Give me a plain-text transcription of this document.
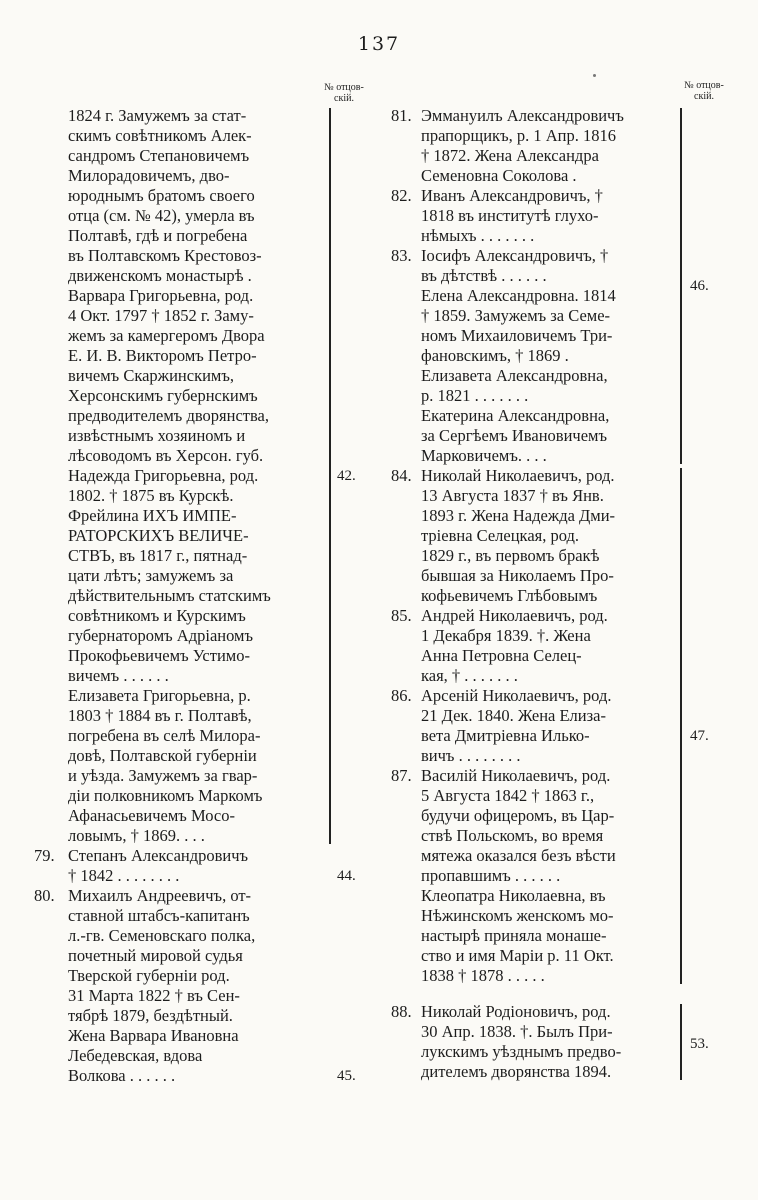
137
№ отцов-
скій.
№ отцов-
скій.
1824 г. Замужемъ за стат-
скимъ совѣтникомъ Алек-
сандромъ Степановичемъ
Милорадовичемъ, дво-
юроднымъ братомъ своего
отца (см. № 42), умерла въ
Полтавѣ, гдѣ и погребена
въ Полтавскомъ Крестовоз-
движенскомъ монастырѣ .
Варвара Григорьевна, род.
4 Окт. 1797 † 1852 г. Заму-
жемъ за камергеромъ Двора
Е. И. В. Викторомъ Петро-
вичемъ Скаржинскимъ,
Херсонскимъ губернскимъ
предводителемъ дворянства,
извѣстнымъ хозяиномъ и
лѣсоводомъ въ Херсон. губ.
Надежда Григорьевна, род.
1802. † 1875 въ Курскѣ.
Фрейлина ИХЪ ИМПЕ-
РАТОРСКИХЪ ВЕЛИЧЕ-
СТВЪ, въ 1817 г., пятнад-
цати лѣтъ; замужемъ за
дѣйствительнымъ статскимъ
совѣтникомъ и Курскимъ
губернаторомъ Адріаномъ
Прокофьевичемъ Устимо-
вичемъ . . . . . .
Елизавета Григорьевна, р.
1803 † 1884 въ г. Полтавѣ,
погребена въ селѣ Милора-
довѣ, Полтавской губерніи
и уѣзда. Замужемъ за гвар-
діи полковникомъ Маркомъ
Афанасьевичемъ Мосо-
ловымъ, † 1869. . . .
Степанъ Александровичъ
† 1842 . . . . . . . .
Михаилъ Андреевичъ, от-
ставной штабсъ-капитанъ
л.-гв. Семеновскаго полка,
почетный мировой судья
Тверской губерніи род.
31 Марта 1822 † въ Сен-
тябрѣ 1879, бездѣтный.
Жена Варвара Ивановна
Лебедевская, вдова
Волкова . . . . . .
79.
80.
42.
44.
45.
Эммануилъ Александровичъ
прапорщикъ, р. 1 Апр. 1816
† 1872. Жена Александра
Семеновна Соколова .
Иванъ Александровичъ, †
1818 въ институтѣ глухо-
нѣмыхъ . . . . . . .
Іосифъ Александровичъ, †
въ дѣтствѣ . . . . . .
Елена Александровна. 1814
† 1859. Замужемъ за Семе-
номъ Михаиловичемъ Три-
фановскимъ, † 1869 .
Елизавета Александровна,
р. 1821 . . . . . . .
Екатерина Александровна,
за Сергѣемъ Ивановичемъ
Марковичемъ. . . .
Николай Николаевичъ, род.
13 Августа 1837 † въ Янв.
1893 г. Жена Надежда Дми-
тріевна Селецкая, род.
1829 г., въ первомъ бракѣ
бывшая за Николаемъ Про-
кофьевичемъ Глѣбовымъ
Андрей Николаевичъ, род.
1 Декабря 1839. †. Жена
Анна Петровна Селец-
кая, † . . . . . . .
Арсеній Николаевичъ, род.
21 Дек. 1840. Жена Елиза-
вета Дмитріевна Илько-
вичъ . . . . . . . .
Василій Николаевичъ, род.
5 Августа 1842 † 1863 г.,
будучи офицеромъ, въ Цар-
ствѣ Польскомъ, во время
мятежа оказался безъ вѣсти
пропавшимъ . . . . . .
Клеопатра Николаевна, въ
Нѣжинскомъ женскомъ мо-
настырѣ приняла монаше-
ство и имя Маріи р. 11 Окт.
1838 † 1878 . . . . .
Николай Родіоновичъ, род.
30 Апр. 1838. †. Былъ При-
лукскимъ уѣзднымъ предво-
дителемъ дворянства 1894.
81.
82.
83.
84.
85.
86.
87.
88.
46.
47.
53.
